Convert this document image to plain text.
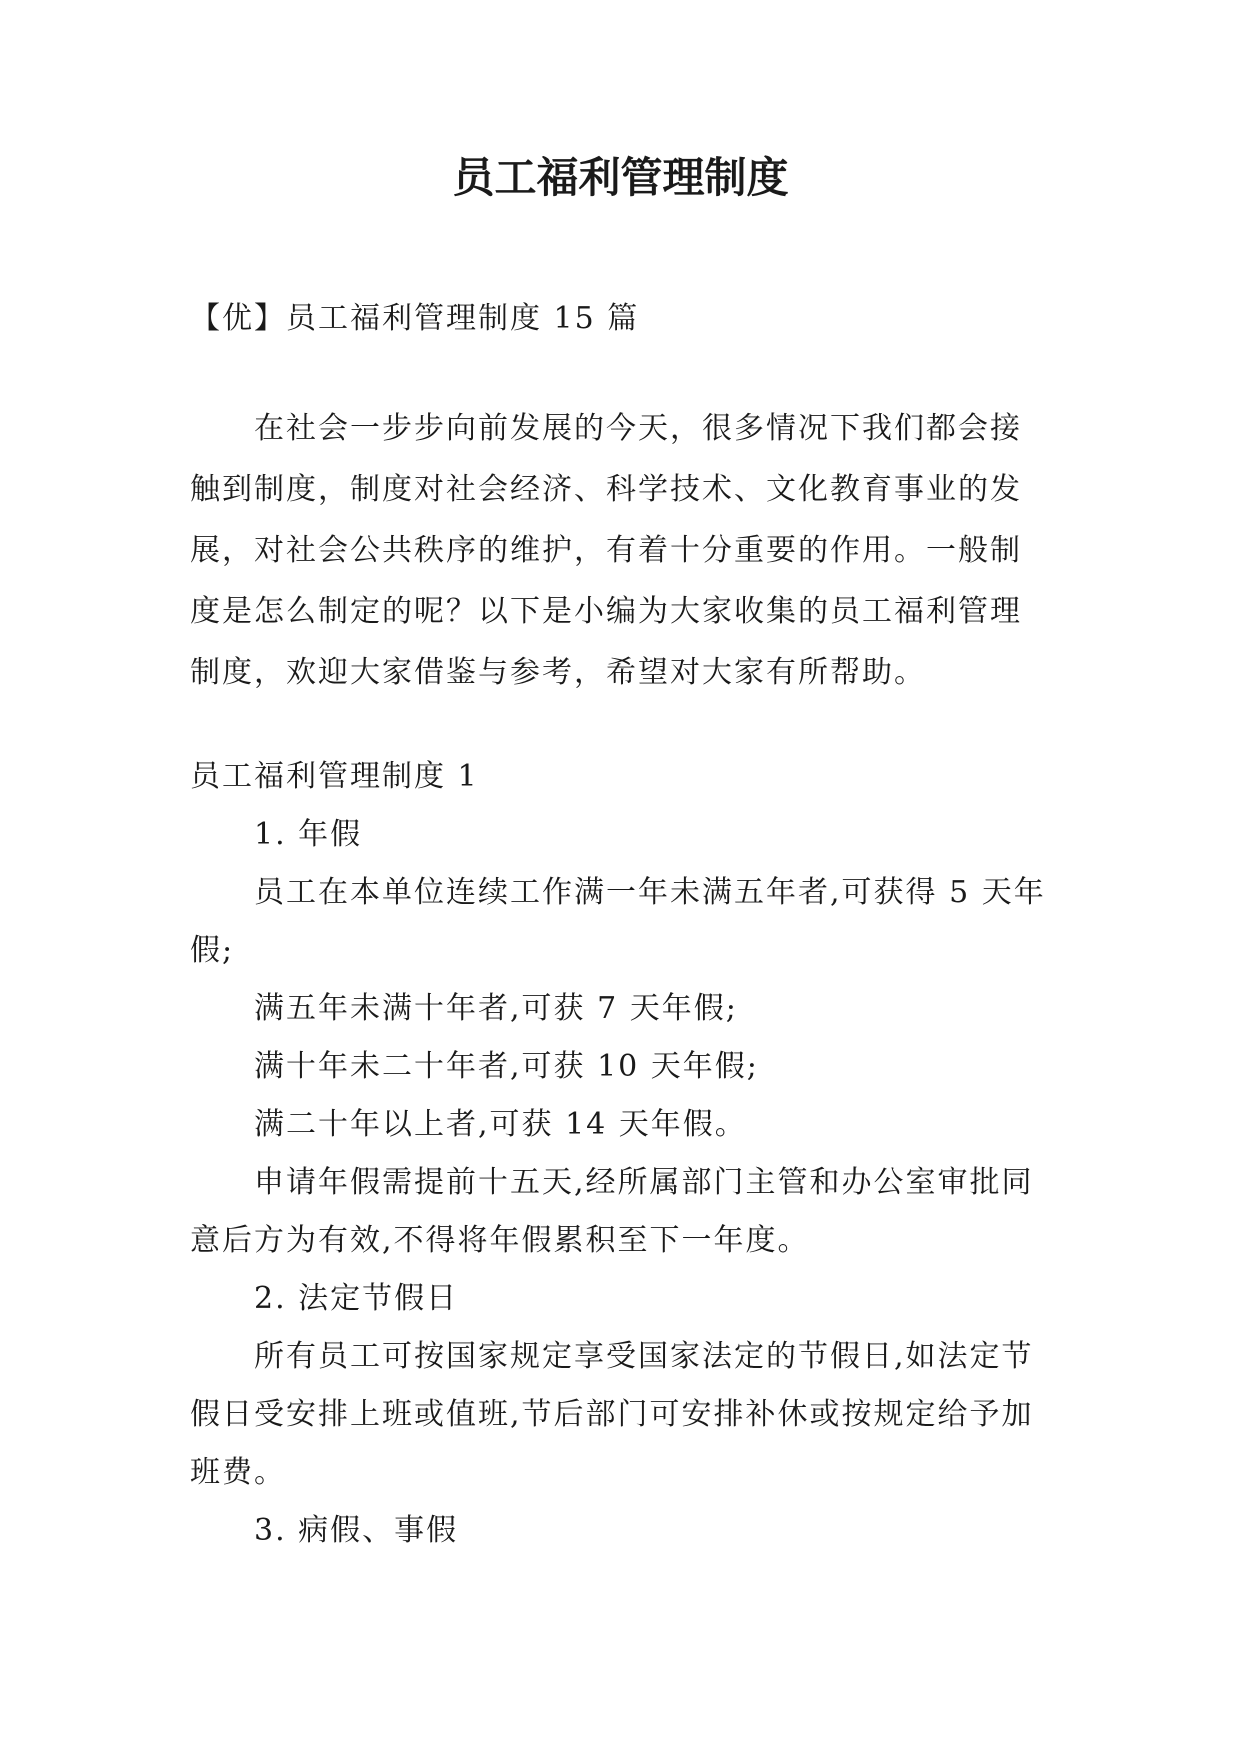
员工福利管理制度

【优】员工福利管理制度 15 篇

在社会一步步向前发展的今天，很多情况下我们都会接触到制度，制度对社会经济、科学技术、文化教育事业的发展，对社会公共秩序的维护，有着十分重要的作用。一般制度是怎么制定的呢？以下是小编为大家收集的员工福利管理制度，欢迎大家借鉴与参考，希望对大家有所帮助。

员工福利管理制度 1

1. 年假

员工在本单位连续工作满一年未满五年者,可获得 5 天年假;

满五年未满十年者,可获 7 天年假;

满十年未二十年者,可获 10 天年假;

满二十年以上者,可获 14 天年假。

申请年假需提前十五天,经所属部门主管和办公室审批同意后方为有效,不得将年假累积至下一年度。

2. 法定节假日

所有员工可按国家规定享受国家法定的节假日,如法定节假日受安排上班或值班,节后部门可安排补休或按规定给予加班费。

3. 病假、事假
